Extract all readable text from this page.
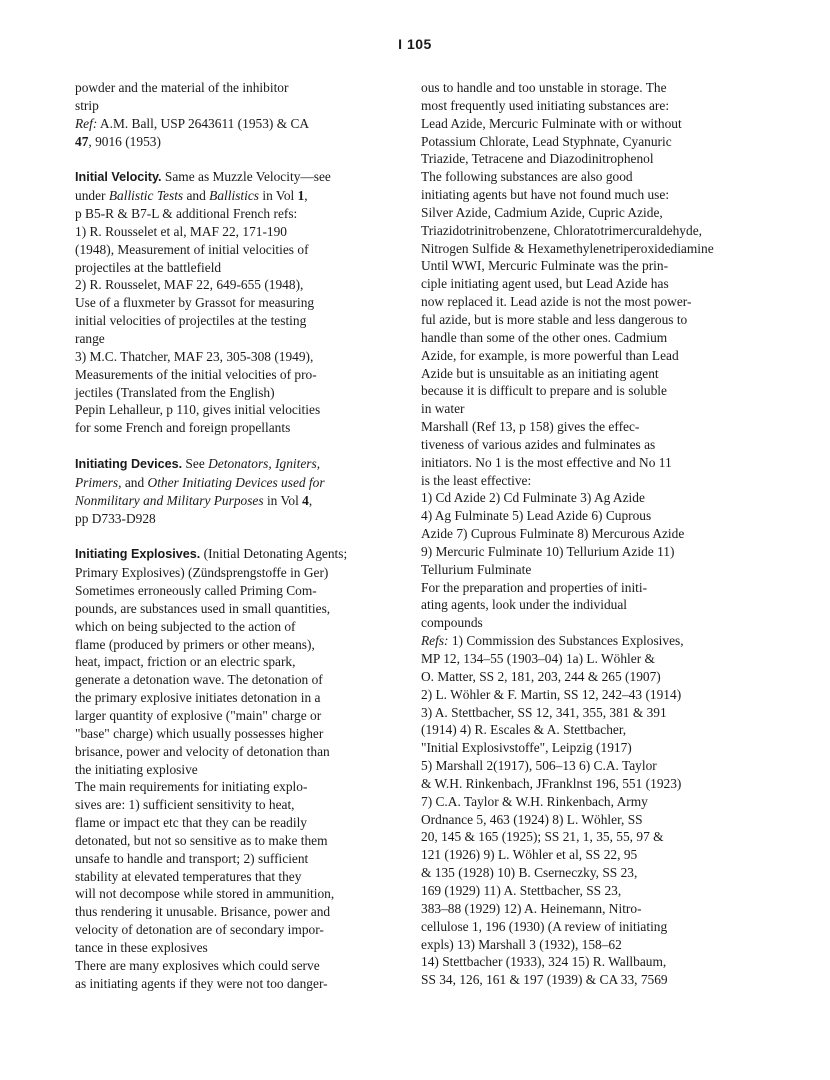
I 105
powder and the material of the inhibitor
strip
Ref: A.M. Ball, USP 2643611 (1953) & CA
47, 9016 (1953)
Initial Velocity. Same as Muzzle Velocity—see
under Ballistic Tests and Ballistics in Vol 1,
p B5-R & B7-L & additional French refs:
1) R. Rousselet et al, MAF 22, 171-190
(1948), Measurement of initial velocities of
projectiles at the battlefield
2) R. Rousselet, MAF 22, 649-655 (1948),
Use of a fluxmeter by Grassot for measuring
initial velocities of projectiles at the testing
range
3) M.C. Thatcher, MAF 23, 305-308 (1949),
Measurements of the initial velocities of pro-
jectiles (Translated from the English)
Pepin Lehalleur, p 110, gives initial velocities
for some French and foreign propellants
Initiating Devices. See Detonators, Igniters,
Primers, and Other Initiating Devices used for
Nonmilitary and Military Purposes in Vol 4,
pp D733-D928
Initiating Explosives. (Initial Detonating Agents;
Primary Explosives) (Zündsprengstoffe in Ger)
Sometimes erroneously called Priming Com-
pounds, are substances used in small quantities,
which on being subjected to the action of
flame (produced by primers or other means),
heat, impact, friction or an electric spark,
generate a detonation wave. The detonation of
the primary explosive initiates detonation in a
larger quantity of explosive ("main" charge or
"base" charge) which usually possesses higher
brisance, power and velocity of detonation than
the initiating explosive
The main requirements for initiating explo-
sives are: 1) sufficient sensitivity to heat,
flame or impact etc that they can be readily
detonated, but not so sensitive as to make them
unsafe to handle and transport; 2) sufficient
stability at elevated temperatures that they
will not decompose while stored in ammunition,
thus rendering it unusable. Brisance, power and
velocity of detonation are of secondary impor-
tance in these explosives
There are many explosives which could serve
as initiating agents if they were not too danger-
ous to handle and too unstable in storage. The
most frequently used initiating substances are:
Lead Azide, Mercuric Fulminate with or without
Potassium Chlorate, Lead Styphnate, Cyanuric
Triazide, Tetracene and Diazodinitrophenol
The following substances are also good
initiating agents but have not found much use:
Silver Azide, Cadmium Azide, Cupric Azide,
Triazidotrinitrobenzene, Chloratotrimercuraldehyde,
Nitrogen Sulfide & Hexamethylenetriperoxidediamine
Until WWI, Mercuric Fulminate was the prin-
ciple initiating agent used, but Lead Azide has
now replaced it. Lead azide is not the most power-
ful azide, but is more stable and less dangerous to
handle than some of the other ones. Cadmium
Azide, for example, is more powerful than Lead
Azide but is unsuitable as an initiating agent
because it is difficult to prepare and is soluble
in water
Marshall (Ref 13, p 158) gives the effec-
tiveness of various azides and fulminates as
initiators. No 1 is the most effective and No 11
is the least effective:
1) Cd Azide 2) Cd Fulminate 3) Ag Azide
4) Ag Fulminate 5) Lead Azide 6) Cuprous
Azide 7) Cuprous Fulminate 8) Mercurous Azide
9) Mercuric Fulminate 10) Tellurium Azide 11)
Tellurium Fulminate
For the preparation and properties of initi-
ating agents, look under the individual
compounds
Refs: 1) Commission des Substances Explosives,
MP 12, 134–55 (1903–04) 1a) L. Wöhler &
O. Matter, SS 2, 181, 203, 244 & 265 (1907)
2) L. Wöhler & F. Martin, SS 12, 242–43 (1914)
3) A. Stettbacher, SS 12, 341, 355, 381 & 391
(1914) 4) R. Escales & A. Stettbacher,
"Initial Explosivstoffe", Leipzig (1917)
5) Marshall 2(1917), 506–13 6) C.A. Taylor
& W.H. Rinkenbach, JFranklnst 196, 551 (1923)
7) C.A. Taylor & W.H. Rinkenbach, Army
Ordnance 5, 463 (1924) 8) L. Wöhler, SS
20, 145 & 165 (1925); SS 21, 1, 35, 55, 97 &
121 (1926) 9) L. Wöhler et al, SS 22, 95
& 135 (1928) 10) B. Cserneczky, SS 23,
169 (1929) 11) A. Stettbacher, SS 23,
383–88 (1929) 12) A. Heinemann, Nitro-
cellulose 1, 196 (1930) (A review of initiating
expls) 13) Marshall 3 (1932), 158–62
14) Stettbacher (1933), 324 15) R. Wallbaum,
SS 34, 126, 161 & 197 (1939) & CA 33, 7569
